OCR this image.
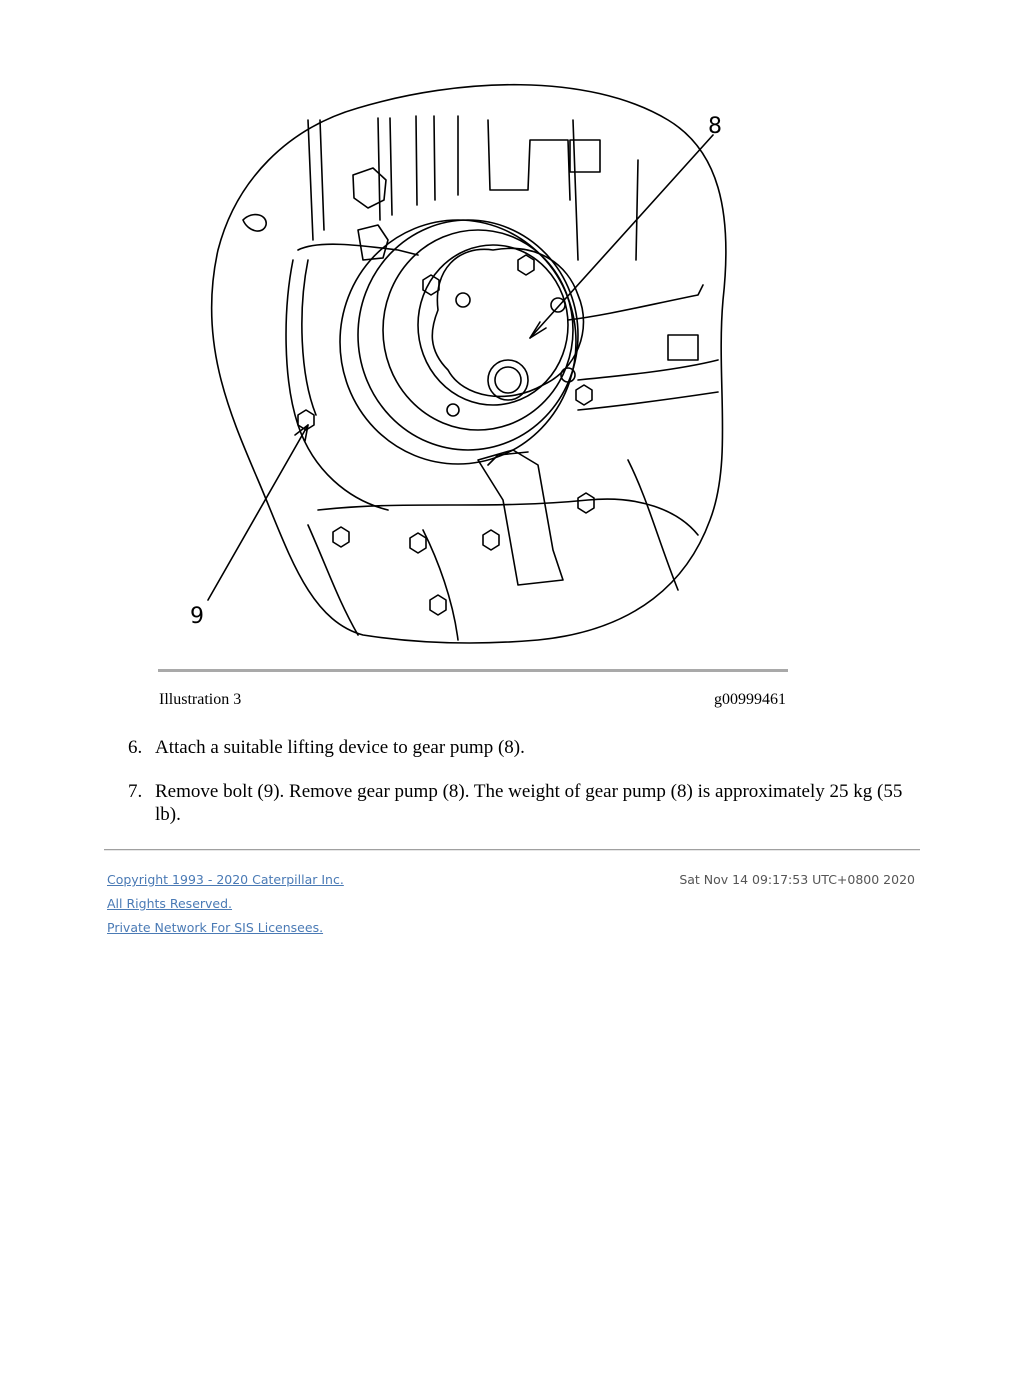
8
9
Illustration 3	g00999461
6. Attach a suitable lifting device to gear pump (8).
7. Remove bolt (9). Remove gear pump (8). The weight of gear pump (8) is approximately 25 kg (55 lb).
Copyright 1993 - 2020 Caterpillar Inc.
All Rights Reserved.
Private Network For SIS Licensees.
Sat Nov 14 09:17:53 UTC+0800 2020
